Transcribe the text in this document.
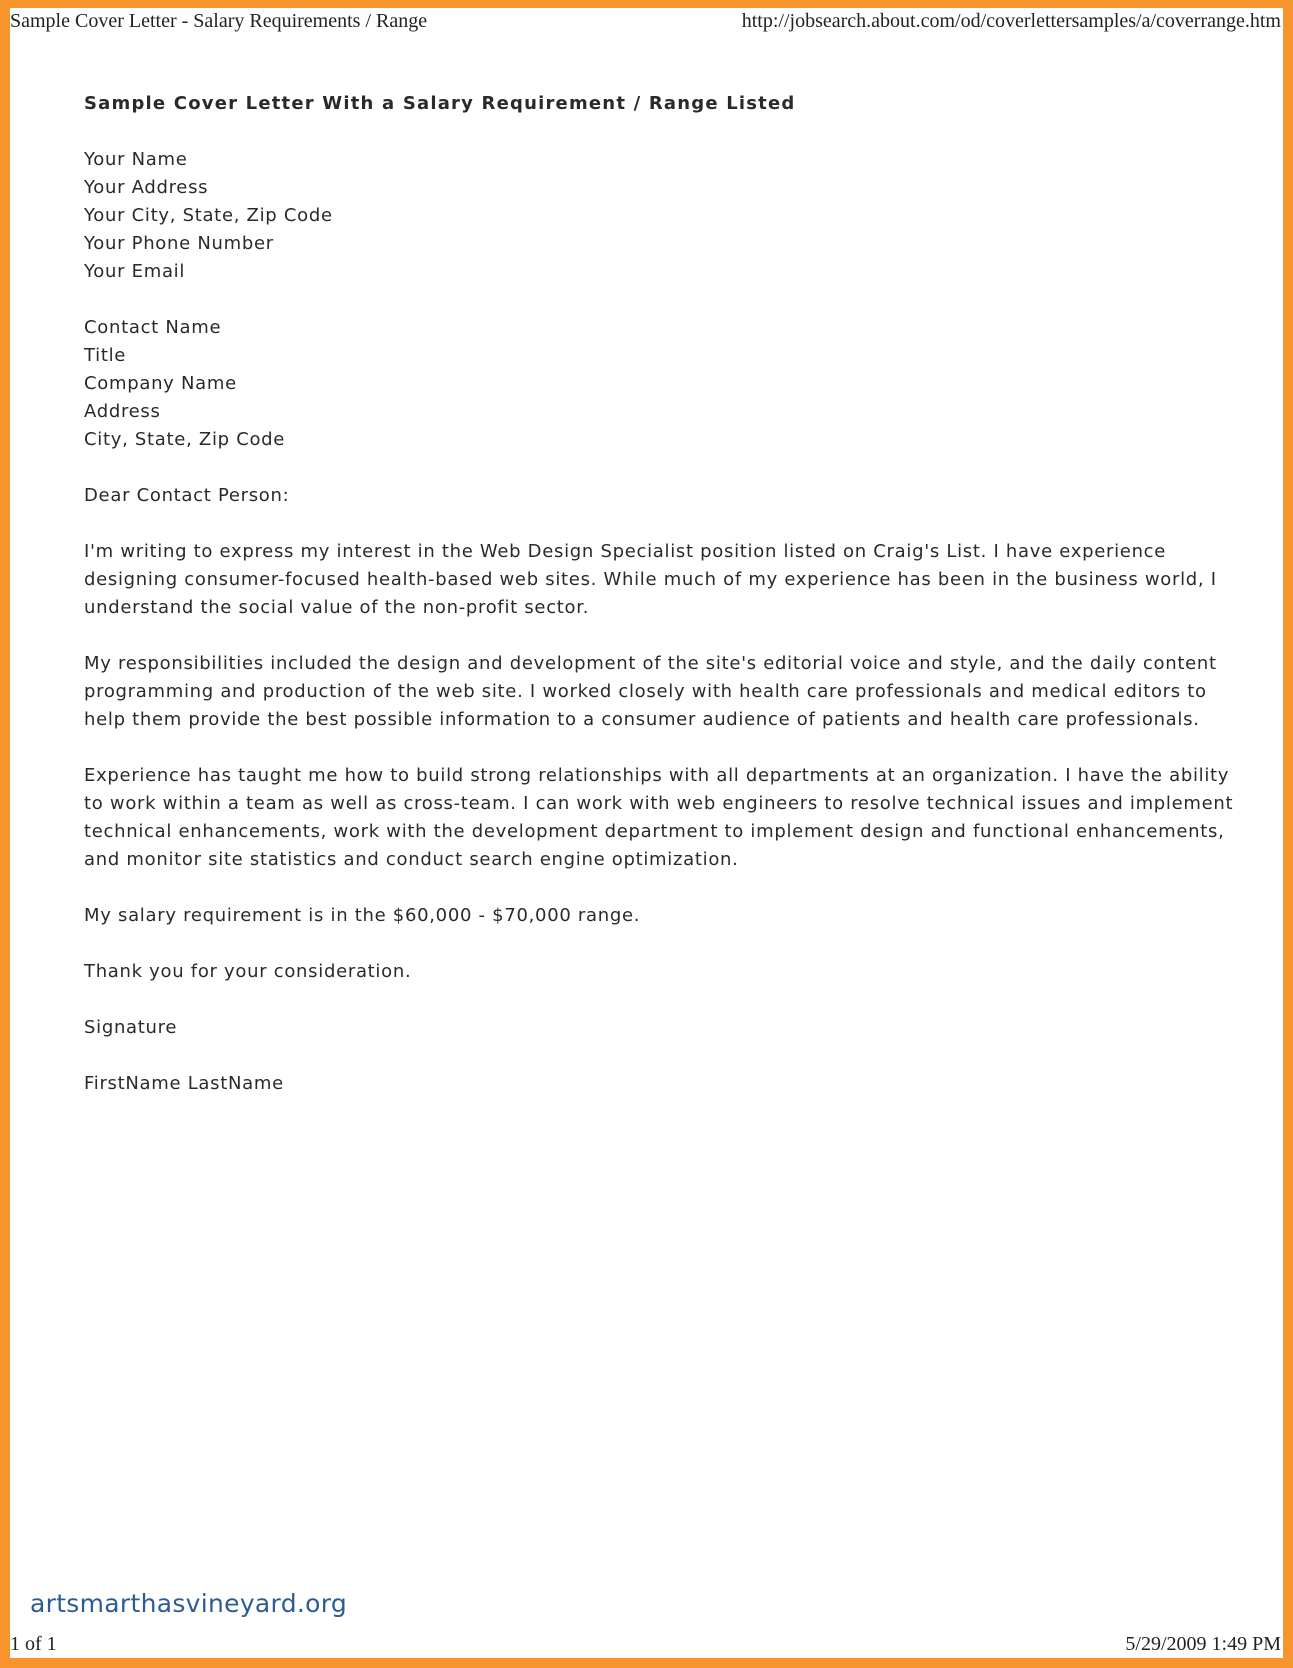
Sample Cover Letter - Salary Requirements / Range	http://jobsearch.about.com/od/coverlettersamples/a/coverrange.htm
Sample Cover Letter With a Salary Requirement / Range Listed
Your Name
Your Address
Your City, State, Zip Code
Your Phone Number
Your Email
Contact Name
Title
Company Name
Address
City, State, Zip Code

Dear Contact Person:

I'm writing to express my interest in the Web Design Specialist position listed on Craig's List. I have experience designing consumer-focused health-based web sites. While much of my experience has been in the business world, I understand the social value of the non-profit sector.

My responsibilities included the design and development of the site's editorial voice and style, and the daily content programming and production of the web site. I worked closely with health care professionals and medical editors to help them provide the best possible information to a consumer audience of patients and health care professionals.

Experience has taught me how to build strong relationships with all departments at an organization. I have the ability to work within a team as well as cross-team. I can work with web engineers to resolve technical issues and implement technical enhancements, work with the development department to implement design and functional enhancements, and monitor site statistics and conduct search engine optimization.

My salary requirement is in the $60,000 - $70,000 range.

Thank you for your consideration.

Signature

FirstName LastName

1 of 1	5/29/2009 1:49 PM
artsmarthasvineyard.org
